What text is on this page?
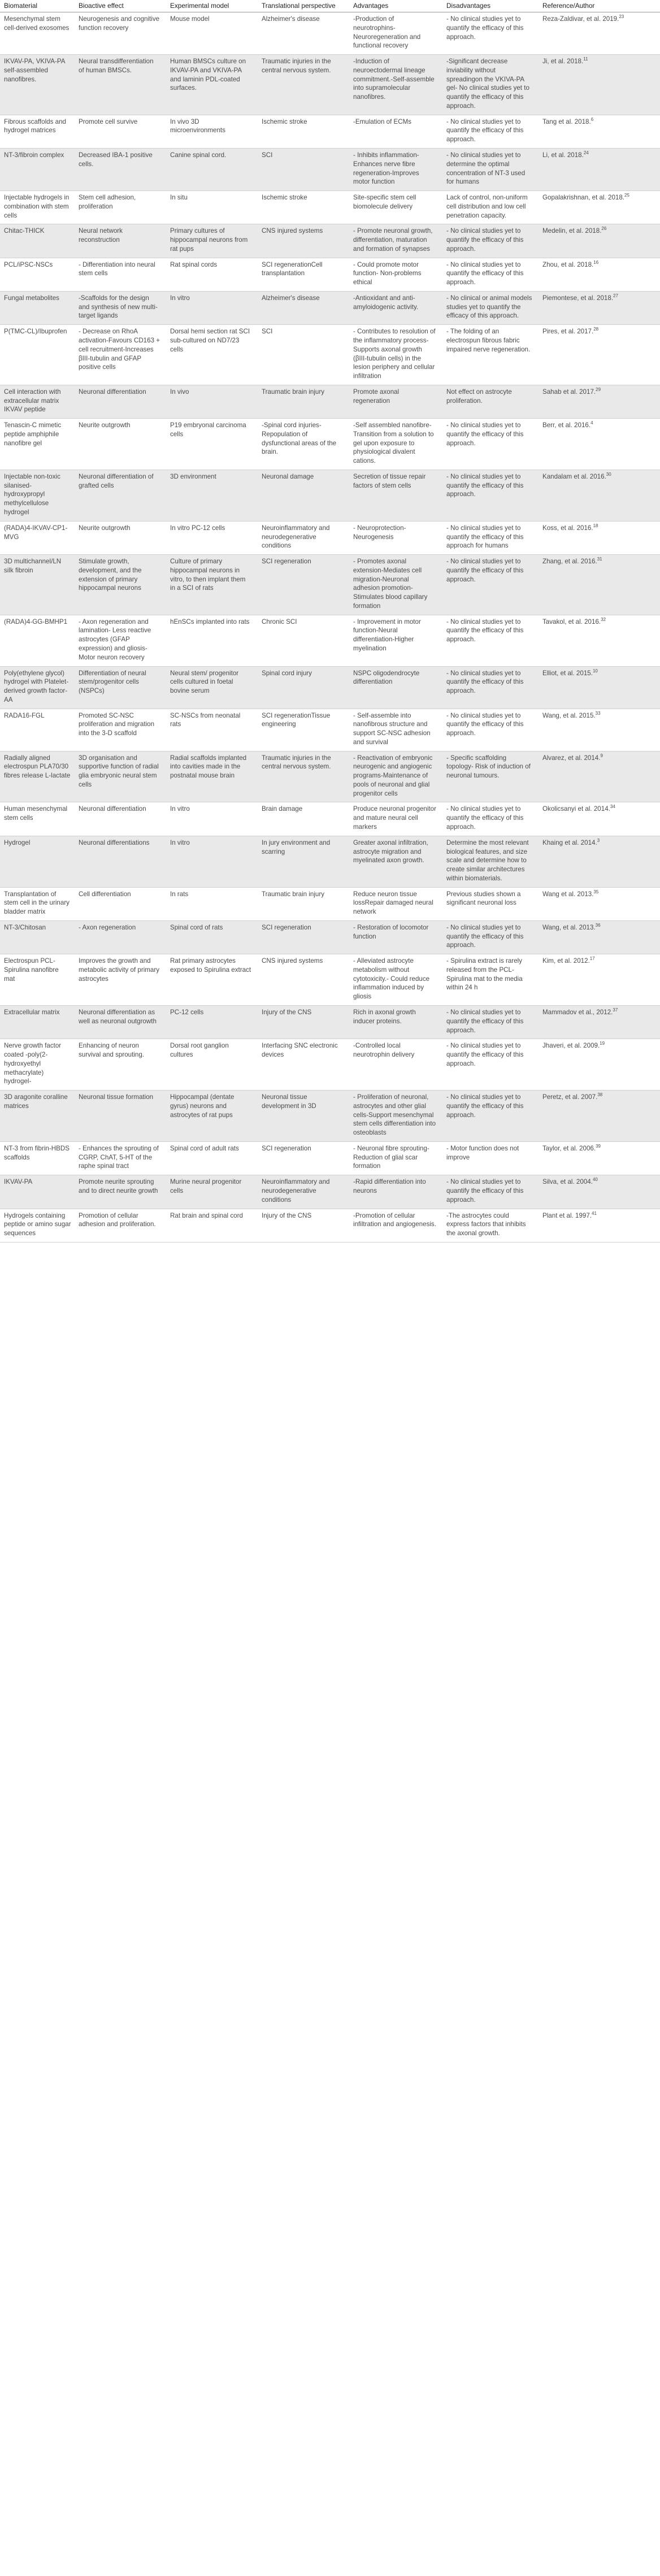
Biomaterial	Bioactive effect	Experimental model	Translational perspective	Advantages	Disadvantages	Reference/Author
Mesenchymal stem cell-derived exosomes	Neurogenesis and cognitive function recovery	Mouse model	Alzheimer's disease	-Production of neurotrophins-Neuroregeneration and functional recovery	- No clinical studies yet to quantify the efficacy of this approach.	Reza-Zaldivar, et al. 2019.23
IKVAV-PA, VKIVA-PA self-assembled nanofibres.	Neural transdifferentiation of human BMSCs.	Human BMSCs culture on IKVAV-PA and VKIVA-PA and laminin PDL-coated surfaces.	Traumatic injuries in the central nervous system.	-Induction of neuroectodermal lineage commitment.-Self-assemble into supramolecular nanofibres.	-Significant decrease inviability without spreadingon the VKIVA-PA gel- No clinical studies yet to quantify the efficacy of this approach.	Ji, et al. 2018.11
Fibrous scaffolds and hydrogel matrices	Promote cell survive	In vivo 3D microenvironments	Ischemic stroke	-Emulation of ECMs	- No clinical studies yet to quantify the efficacy of this approach.	Tang et al. 2018.$^6$
NT-3/fibroin complex	Decreased IBA-1 positive cells.	Canine spinal cord.	SCI	- Inhibits inflammation-Enhances nerve fibre regeneration-Improves motor function	- No clinical studies yet to determine the optimal concentration of NT-3 used for humans	Li, et al. 2018.24
Injectable hydrogels in combination with stem cells	Stem cell adhesion, proliferation	In situ	Ischemic stroke	Site-specific stem cell biomolecule delivery	Lack of control, non-uniform cell distribution and low cell penetration capacity.	Gopalakrishnan, et al. 2018.25
Chitac-THICK	Neural network reconstruction	Primary cultures of hippocampal neurons from rat pups	CNS injured systems	- Promote neuronal growth, differentiation, maturation and formation of synapses	- No clinical studies yet to quantify the efficacy of this approach.	Medelin, et al. 2018.26
PCL/iPSC-NSCs	- Differentiation into neural stem cells	Rat spinal cords	SCI regenerationCell transplantation	- Could promote motor function- Non-problems ethical	- No clinical studies yet to quantify the efficacy of this approach.	Zhou, et al. 2018.16
Fungal metabolites	-Scaffolds for the design and synthesis of new multi-target ligands	In vitro	Alzheimer's disease	-Antioxidant and anti-amyloidogenic activity.	- No clinical or animal models studies yet to quantify the efficacy of this approach.	Piemontese, et al. 2018.27
P(TMC-CL)/Ibuprofen	- Decrease on RhoA activation-Favours CD163 + cell recruitment-Increases βIII-tubulin and GFAP positive cells	Dorsal hemi section rat SCI sub-cultured on ND7/23 cells	SCI	- Contributes to resolution of the inflammatory process- Supports axonal growth (βIII-tubulin cells) in the lesion periphery and cellular infiltration	- The folding of an electrospun fibrous fabric impaired nerve regeneration.	Pires, et al. 2017.28
Cell interaction with extracellular matrix IKVAV peptide	Neuronal differentiation	In vivo	Traumatic brain injury	Promote axonal regeneration	Not effect on astrocyte proliferation.	Sahab et al. 2017.29
Tenascin-C mimetic peptide amphiphile nanofibre gel	Neurite outgrowth	P19 embryonal carcinoma cells	-Spinal cord injuries-Repopulation of dysfunctional areas of the brain.	-Self assembled nanofibre-Transition from a solution to gel upon exposure to physiological divalent cations.	- No clinical studies yet to quantify the efficacy of this approach.	Berr, et al. 2016.$^4$
Injectable non-toxic silanised-hydroxypropyl methylcellulose hydrogel	Neuronal differentiation of grafted cells	3D environment	Neuronal damage	Secretion of tissue repair factors of stem cells	- No clinical studies yet to quantify the efficacy of this approach.	Kandalam et al. 2016.30
(RADA)4-IKVAV-CP1-MVG	Neurite outgrowth	In vitro PC-12 cells	Neuroinflammatory and neurodegenerative conditions	- Neuroprotection-Neurogenesis	- No clinical studies yet to quantify the efficacy of this approach for humans	Koss, et al. 2016.18
3D multichannel/LN silk fibroin	Stimulate growth, development, and the extension of primary hippocampal neurons	Culture of primary hippocampal neurons in vitro, to then implant them in a SCI of rats	SCI regeneration	- Promotes axonal extension-Mediates cell migration-Neuronal adhesion promotion-Stimulates blood capillary formation	- No clinical studies yet to quantify the efficacy of this approach.	Zhang, et al. 2016.31
(RADA)4-GG-BMHP1	- Axon regeneration and lamination- Less reactive astrocytes (GFAP expression) and gliosis- Motor neuron recovery	hEnSCs implanted into rats	Chronic SCI	- Improvement in motor function-Neural differentiation-Higher myelination	- No clinical studies yet to quantify the efficacy of this approach.	Tavakol, et al. 2016.32
Poly(ethylene glycol) hydrogel with Platelet-derived growth factor-AA	Differentiation of neural stem/progenitor cells (NSPCs)	Neural stem/ progenitor cells cultured in foetal bovine serum	Spinal cord injury	NSPC oligodendrocyte differentiation	- No clinical studies yet to quantify the efficacy of this approach.	Elliot, et al. 2015.10
RADA16-FGL	Promoted SC-NSC proliferation and migration into the 3-D scaffold	SC-NSCs from neonatal rats	SCI regenerationTissue engineering	- Self-assemble into nanofibrous structure and support SC-NSC adhesion and survival	- No clinical studies yet to quantify the efficacy of this approach.	Wang, et al. 2015.33
Radially aligned electrospun PLA70/30 fibres release L-lactate	3D organisation and supportive function of radial glia embryonic neural stem cells	Radial scaffolds implanted into cavities made in the postnatal mouse brain	Traumatic injuries in the central nervous system.	- Reactivation of embryonic neurogenic and angiogenic programs-Maintenance of pools of neuronal and glial progenitor cells	- Specific scaffolding topology- Risk of induction of neuronal tumours.	Alvarez, et al. 2014.$^9$
Human mesenchymal stem cells	Neuronal differentiation	In vitro	Brain damage	Produce neuronal progenitor and mature neural cell markers	- No clinical studies yet to quantify the efficacy of this approach.	Okolicsanyi et al. 2014.34
Hydrogel	Neuronal differentiations	In vitro	In jury environment and scarring	Greater axonal infiltration, astrocyte migration and myelinated axon growth.	Determine the most relevant biological features, and size scale and determine how to create similar architectures within biomaterials.	Khaing et al. 2014.$^3$
Transplantation of stem cell in the urinary bladder matrix	Cell differentiation	In rats	Traumatic brain injury	Reduce neuron tissue lossRepair damaged neural network	Previous studies shown a significant neuronal loss	Wang et al. 2013.35
NT-3/Chitosan	- Axon regeneration	Spinal cord of rats	SCI regeneration	- Restoration of locomotor function	- No clinical studies yet to quantify the efficacy of this approach.	Wang, et al. 2013.36
Electrospun PCL-Spirulina nanofibre mat	Improves the growth and metabolic activity of primary astrocytes	Rat primary astrocytes exposed to Spirulina extract	CNS injured systems	- Alleviated astrocyte metabolism without cytotoxicity.- Could reduce inflammation induced by gliosis	- Spirulina extract is rarely released from the PCL-Spirulina mat to the media within 24 h	Kim, et al. 2012.17
Extracellular matrix	Neuronal differentiation as well as neuronal outgrowth	PC-12 cells	Injury of the CNS	Rich in axonal growth inducer proteins.	- No clinical studies yet to quantify the efficacy of this approach.	Mammadov et al., 2012.37
Nerve growth factor coated -poly(2-hydroxyethyl methacrylate) hydrogel-	Enhancing of neuron survival and sprouting.	Dorsal root ganglion cultures	Interfacing SNC electronic devices	-Controlled local neurotrophin delivery	- No clinical studies yet to quantify the efficacy of this approach.	Jhaveri, et al. 2009.19
3D aragonite coralline matrices	Neuronal tissue formation	Hippocampal (dentate gyrus) neurons and astrocytes of rat pups	Neuronal tissue development in 3D	- Proliferation of neuronal, astrocytes and other glial cells-Support mesenchymal stem cells differentiation into osteoblasts	- No clinical studies yet to quantify the efficacy of this approach.	Peretz, et al. 2007.38
NT-3 from fibrin-HBDS scaffolds	- Enhances the sprouting of CGRP, ChAT, 5-HT of the raphe spinal tract	Spinal cord of adult rats	SCI regeneration	- Neuronal fibre sprouting-Reduction of glial scar formation	- Motor function does not improve	Taylor, et al. 2006.39
IKVAV-PA	Promote neurite sprouting and to direct neurite growth	Murine neural progenitor cells	Neuroinflammatory and neurodegenerative conditions	-Rapid differentiation into neurons	- No clinical studies yet to quantify the efficacy of this approach.	Silva, et al. 2004.40
Hydrogels containing peptide or amino sugar sequences	Promotion of cellular adhesion and proliferation.	Rat brain and spinal cord	Injury of the CNS	-Promotion of cellular infiltration and angiogenesis.	-The astrocytes could express factors that inhibits the axonal growth.	Plant et al. 1997.41
